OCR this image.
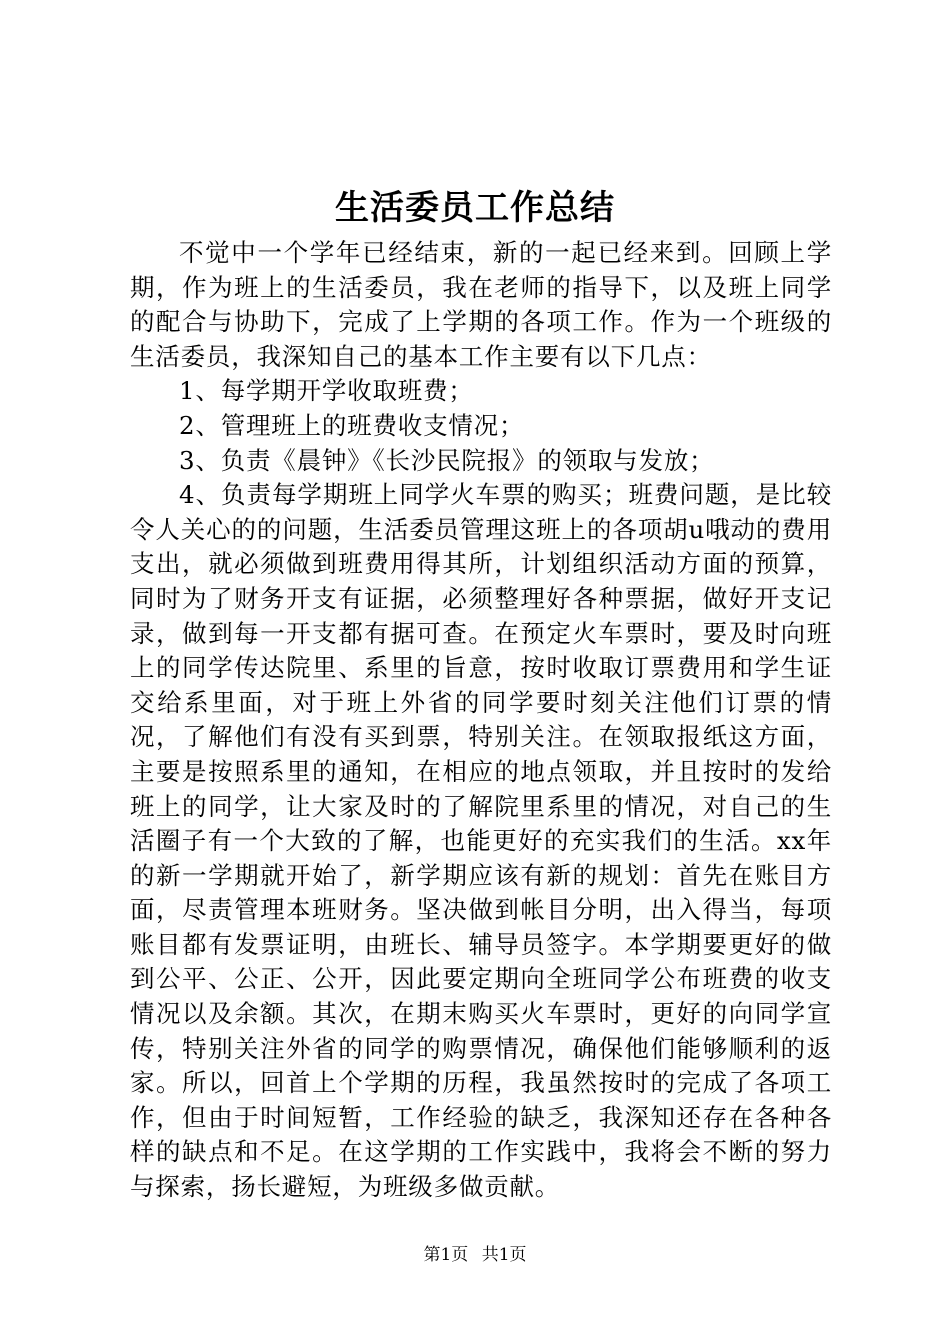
生活委员工作总结

不觉中一个学年已经结束，新的一起已经来到。回顾上学期，作为班上的生活委员，我在老师的指导下，以及班上同学的配合与协助下，完成了上学期的各项工作。作为一个班级的生活委员，我深知自己的基本工作主要有以下几点：

1、每学期开学收取班费；

2、管理班上的班费收支情况；

3、负责《晨钟》《长沙民院报》的领取与发放；

4、负责每学期班上同学火车票的购买；班费问题，是比较令人关心的的问题，生活委员管理这班上的各项胡u哦动的费用支出，就必须做到班费用得其所，计划组织活动方面的预算，同时为了财务开支有证据，必须整理好各种票据，做好开支记录，做到每一开支都有据可查。在预定火车票时，要及时向班上的同学传达院里、系里的旨意，按时收取订票费用和学生证交给系里面，对于班上外省的同学要时刻关注他们订票的情况，了解他们有没有买到票，特别关注。在领取报纸这方面，主要是按照系里的通知，在相应的地点领取，并且按时的发给班上的同学，让大家及时的了解院里系里的情况，对自己的生活圈子有一个大致的了解，也能更好的充实我们的生活。xx年的新一学期就开始了，新学期应该有新的规划：首先在账目方面，尽责管理本班财务。坚决做到帐目分明，出入得当，每项账目都有发票证明，由班长、辅导员签字。本学期要更好的做到公平、公正、公开，因此要定期向全班同学公布班费的收支情况以及余额。其次，在期末购买火车票时，更好的向同学宣传，特别关注外省的同学的购票情况，确保他们能够顺利的返家。所以，回首上个学期的历程，我虽然按时的完成了各项工作，但由于时间短暂，工作经验的缺乏，我深知还存在各种各样的缺点和不足。在这学期的工作实践中，我将会不断的努力与探索，扬长避短，为班级多做贡献。

第1页 共1页
